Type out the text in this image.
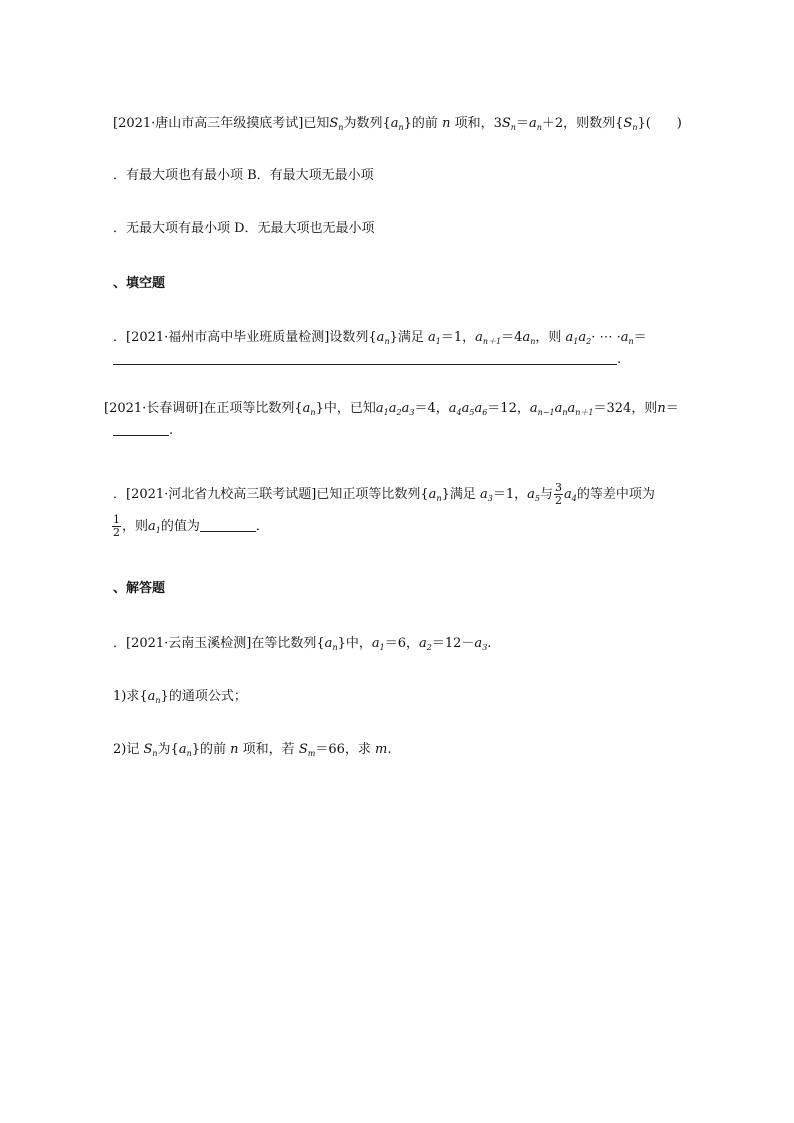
[2021·唐山市高三年级摸底考试]已知$S_n$为数列$\{a_n\}$的前 n 项和，$3S_n=a_n+2$，则数列$\{S_n\}$(　　)
．有最大项也有最小项 B．有最大项无最小项
．无最大项有最小项 D．无最大项也无最小项
、填空题
．[2021·福州市高中毕业班质量检测]设数列$\{a_n\}$满足 $a_1=1$，$a_{n+1}=4a_n$，则 $a_1a_2\cdot$ ⋯ $\cdot a_n=$
.
[2021·长春调研]在正项等比数列$\{a_n\}$中，已知$a_1a_2a_3=4$，$a_4a_5a_6=12$，$a_{n-1}a_na_{n+1}=324$，则n＝
.
．[2021·河北省九校高三联考试题]已知正项等比数列$\{a_n\}$满足 $a_3=1$，$a_5$与 $\frac{3}{2} a_4$的等差中项为
$\frac{1}{2}$ ，则$a_1$的值为	．
、解答题
．[2021·云南玉溪检测]在等比数列$\{a_n\}$中，$a_1=6$，$a_2=12-a_3$.
1)求$\{a_n\}$的通项公式；
2)记 $S_n$为$\{a_n\}$的前 n 项和，若 $S_m=66$，求 m.
